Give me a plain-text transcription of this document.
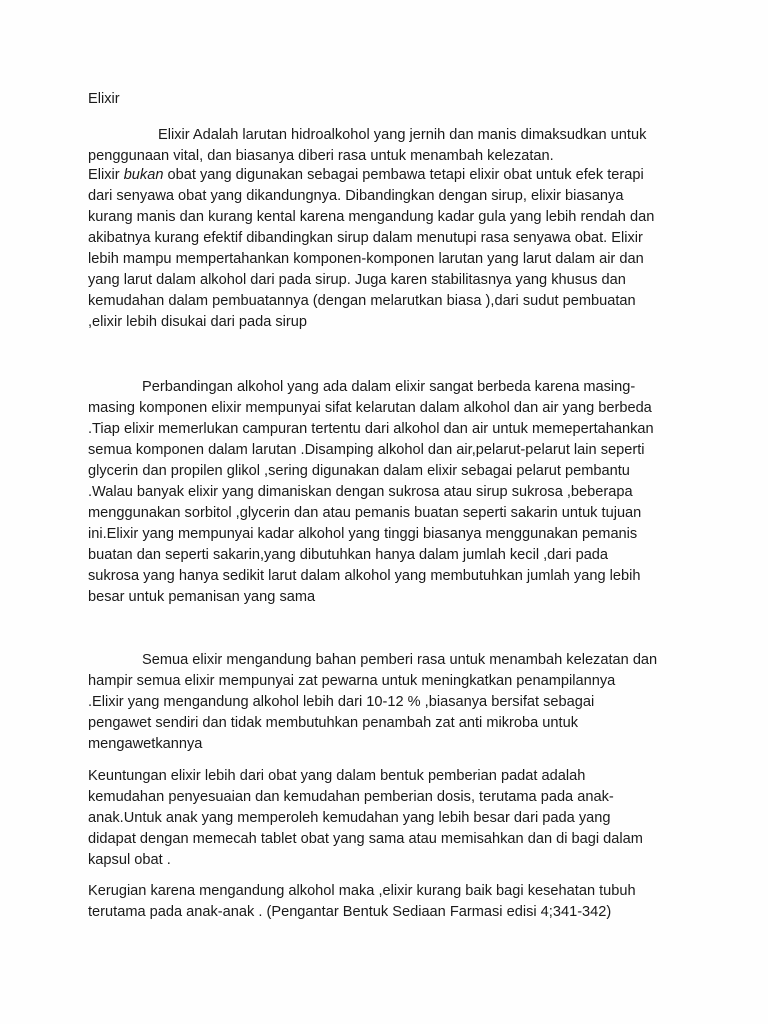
Elixir
Elixir Adalah larutan hidroalkohol yang jernih dan manis dimaksudkan untuk
penggunaan vital, dan biasanya diberi rasa untuk menambah kelezatan.
Elixir bukan obat yang digunakan sebagai pembawa tetapi elixir obat untuk efek terapi
dari senyawa obat yang dikandungnya. Dibandingkan dengan sirup, elixir biasanya
kurang manis dan kurang kental karena mengandung kadar gula yang lebih rendah dan
akibatnya kurang efektif dibandingkan sirup dalam menutupi rasa senyawa obat. Elixir
lebih mampu mempertahankan komponen-komponen larutan yang larut dalam air dan
yang larut dalam alkohol dari pada sirup. Juga karen stabilitasnya yang khusus dan
kemudahan dalam pembuatannya (dengan melarutkan biasa ),dari sudut pembuatan
,elixir lebih disukai dari pada sirup
Perbandingan alkohol yang ada dalam elixir sangat berbeda karena masing-
masing komponen elixir mempunyai sifat kelarutan dalam alkohol dan air yang berbeda
.Tiap elixir memerlukan campuran tertentu dari alkohol dan air untuk memepertahankan
semua komponen dalam larutan .Disamping alkohol dan air,pelarut-pelarut lain seperti
glycerin dan propilen glikol ,sering digunakan dalam elixir sebagai pelarut pembantu
.Walau banyak elixir yang dimaniskan dengan sukrosa atau sirup sukrosa ,beberapa
menggunakan sorbitol ,glycerin dan atau pemanis buatan seperti sakarin untuk tujuan
ini.Elixir yang mempunyai kadar alkohol yang tinggi biasanya menggunakan pemanis
buatan dan seperti sakarin,yang dibutuhkan hanya dalam jumlah kecil ,dari pada
sukrosa yang hanya sedikit larut dalam alkohol yang membutuhkan jumlah yang lebih
besar untuk pemanisan yang sama
Semua elixir mengandung bahan pemberi rasa untuk menambah kelezatan dan
hampir semua elixir mempunyai zat pewarna untuk meningkatkan penampilannya
.Elixir yang mengandung alkohol lebih dari 10-12 % ,biasanya bersifat sebagai
pengawet sendiri dan tidak membutuhkan penambah zat anti mikroba untuk
mengawetkannya
Keuntungan elixir lebih dari obat yang dalam bentuk pemberian padat adalah
kemudahan penyesuaian dan kemudahan pemberian dosis, terutama pada anak-
anak.Untuk anak yang memperoleh kemudahan yang lebih besar dari pada yang
didapat dengan memecah tablet obat yang sama atau memisahkan dan di bagi dalam
kapsul obat .
Kerugian karena mengandung alkohol maka ,elixir kurang baik bagi kesehatan tubuh
terutama pada anak-anak . (Pengantar Bentuk Sediaan Farmasi edisi 4;341-342)
